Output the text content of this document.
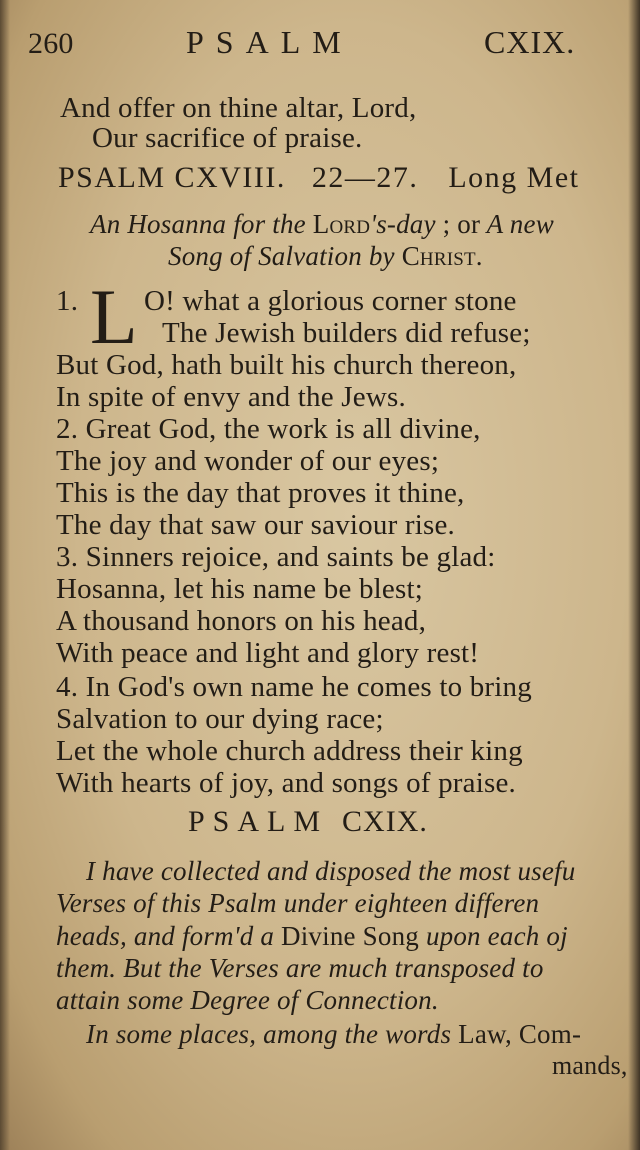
260	PSALM	CXIX.
And offer on thine altar, Lord,
Our sacrifice of praise.
PSALM CXVIII. 22—27. Long Met
An Hosanna for the Lord's-day ; or A new
Song of Salvation by Christ.
1. L O! what a glorious corner stone
The Jewish builders did refuse;
But God, hath built his church thereon,
In spite of envy and the Jews.
2. Great God, the work is all divine,
The joy and wonder of our eyes;
This is the day that proves it thine,
The day that saw our saviour rise.
3. Sinners rejoice, and saints be glad:
Hosanna, let his name be blest;
A thousand honors on his head,
With peace and light and glory rest!
4. In God's own name he comes to bring
Salvation to our dying race;
Let the whole church address their king
With hearts of joy, and songs of praise.
PSALM CXIX.
I have collected and disposed the most usefu
Verses of this Psalm under eighteen differen
heads, and form'd a Divine Song upon each oj
them. But the Verses are much transposed to
attain some Degree of Connection.
In some places, among the words Law, Com-
mands,
